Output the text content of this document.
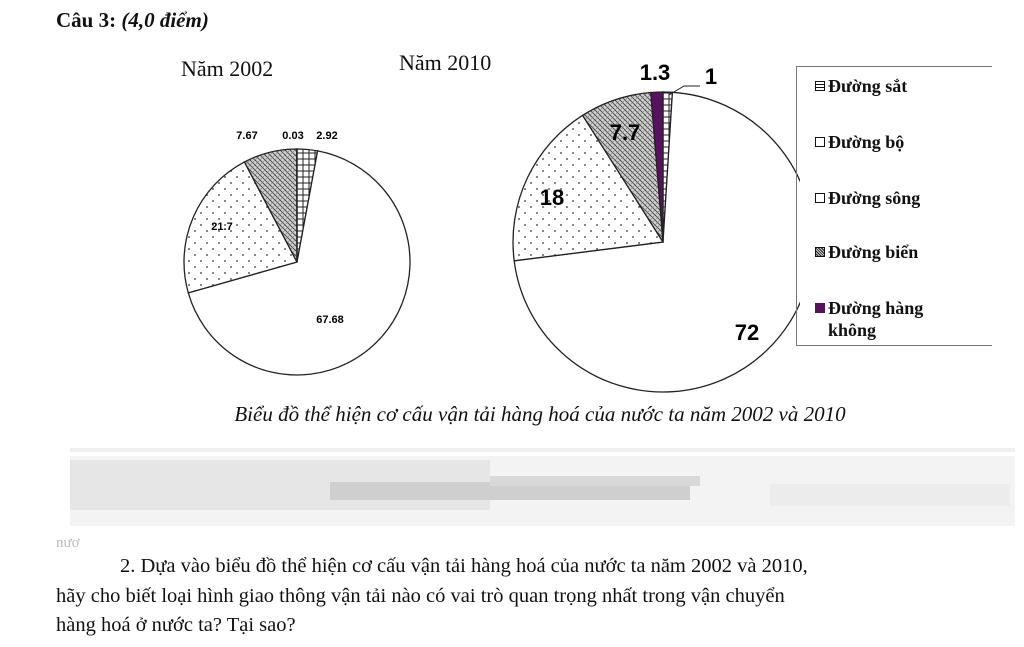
Câu 3: (4,0 điểm)
Năm 2002	Năm 2010
7.67 0.03 2.92
21.7
67.68
1.3 1
7.7
18
72
Đường sắt
Đường bộ
Đường sông
Đường biển
Đường hàng
không
Biểu đồ thể hiện cơ cấu vận tải hàng hoá của nước ta năm 2002 và 2010
nươ
2. Dựa vào biểu đồ thể hiện cơ cấu vận tải hàng hoá của nước ta năm 2002 và 2010,
hãy cho biết loại hình giao thông vận tải nào có vai trò quan trọng nhất trong vận chuyển
hàng hoá ở nước ta? Tại sao?
